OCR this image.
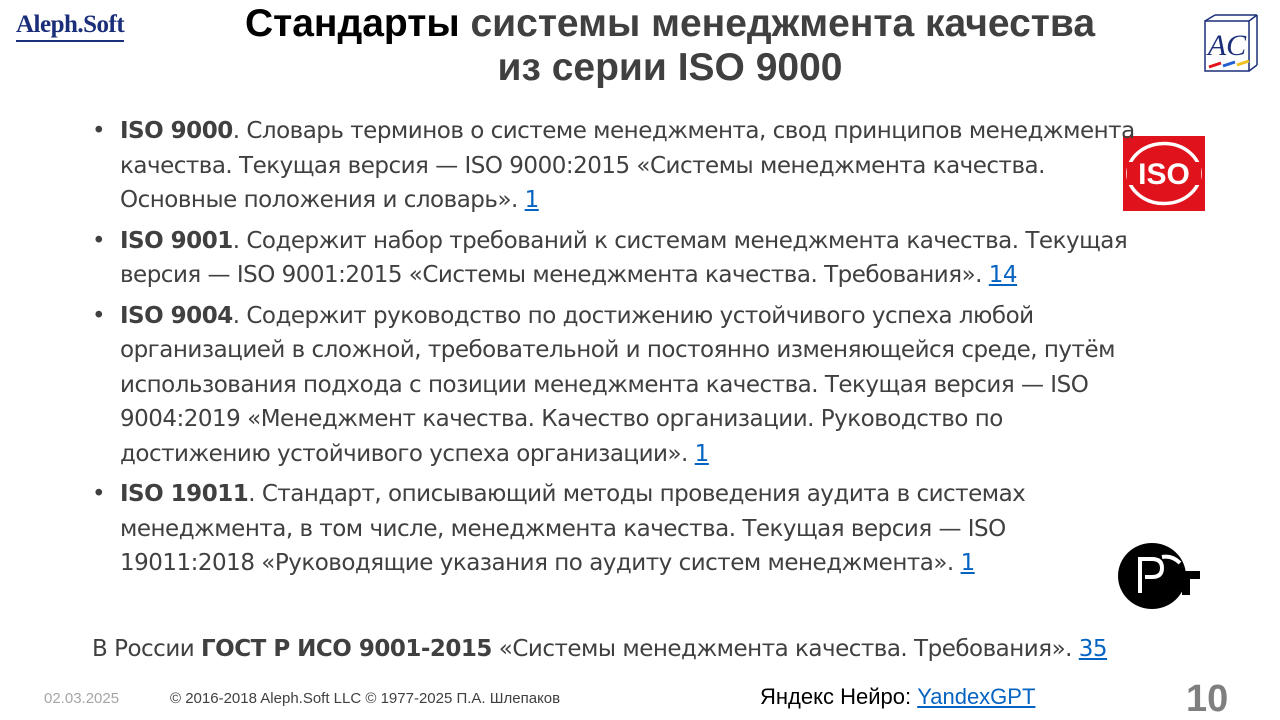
Aleph.Soft	Стандарты системы менеджмента качества
из серии ISO 9000
AC
ISO
• ISO 9000. Словарь терминов о системе менеджмента, свод принципов менеджмента качества. Текущая версия — ISO 9000:2015 «Системы менеджмента качества. Основные положения и словарь». 1
• ISO 9001. Содержит набор требований к системам менеджмента качества. Текущая версия — ISO 9001:2015 «Системы менеджмента качества. Требования». 14
• ISO 9004. Содержит руководство по достижению устойчивого успеха любой организацией в сложной, требовательной и постоянно изменяющейся среде, путём использования подхода с позиции менеджмента качества. Текущая версия — ISO 9004:2019 «Менеджмент качества. Качество организации. Руководство по достижению устойчивого успеха организации». 1
• ISO 19011. Стандарт, описывающий методы проведения аудита в системах менеджмента, в том числе, менеджмента качества. Текущая версия — ISO 19011:2018 «Руководящие указания по аудиту систем менеджмента». 1
В России ГОСТ Р ИСО 9001-2015 «Системы менеджмента качества. Требования». 35
02.03.2025	© 2016-2018 Aleph.Soft LLC © 1977-2025 П.А. Шлепаков	Яндекс Нейро: YandexGPT	10
